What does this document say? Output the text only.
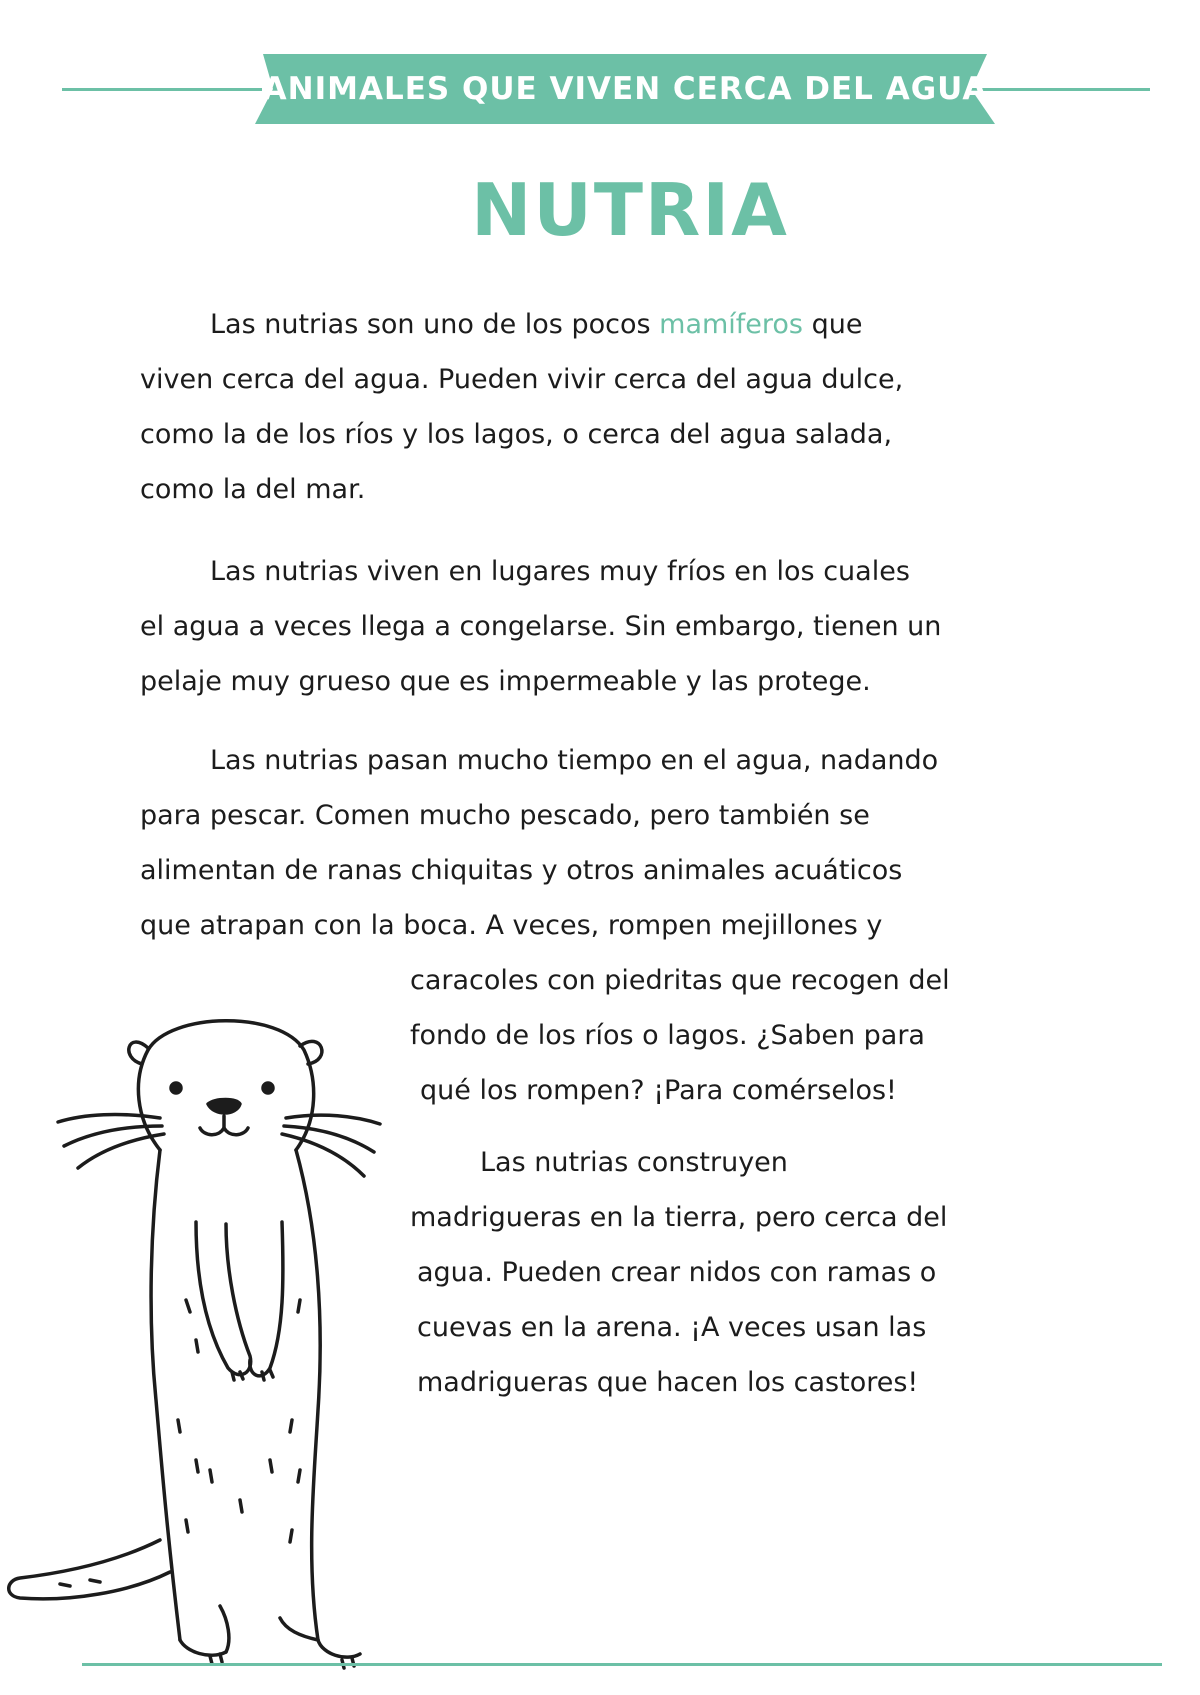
ANIMALES QUE VIVEN CERCA DEL AGUA
NUTRIA

Las nutrias son uno de los pocos mamíferos que
viven cerca del agua. Pueden vivir cerca del agua dulce,
como la de los ríos y los lagos, o cerca del agua salada,
como la del mar.

Las nutrias viven en lugares muy fríos en los cuales
el agua a veces llega a congelarse. Sin embargo, tienen un
pelaje muy grueso que es impermeable y las protege.

Las nutrias pasan mucho tiempo en el agua, nadando
para pescar. Comen mucho pescado, pero también se
alimentan de ranas chiquitas y otros animales acuáticos
que atrapan con la boca. A veces, rompen mejillones y
caracoles con piedritas que recogen del
fondo de los ríos o lagos. ¿Saben para
qué los rompen? ¡Para comérselos!

Las nutrias construyen
madrigueras en la tierra, pero cerca del
agua. Pueden crear nidos con ramas o
cuevas en la arena. ¡A veces usan las
madrigueras que hacen los castores!
